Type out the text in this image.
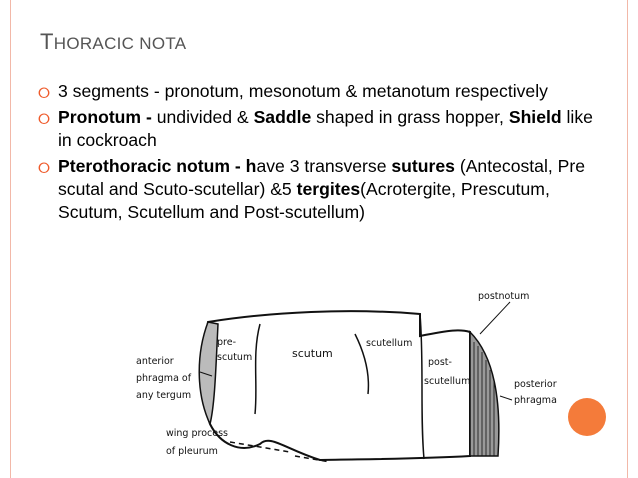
THORACIC NOTA
⭘ 3 segments - pronotum, mesonotum & metanotum respectively
⭘ Pronotum - undivided & Saddle shaped in grass hopper, Shield like in cockroach
⭘ Pterothoracic notum - have 3 transverse sutures (Antecostal, Pre scutal and Scuto-scutellar) &5 tergites(Acrotergite, Prescutum, Scutum, Scutellum and Post-scutellum)
postnotum
pre-
scutum	scutum
scutellum
post-
scutellum
anterior
phragma of
any tergum
posterior
phragma
wing process
of pleurum
